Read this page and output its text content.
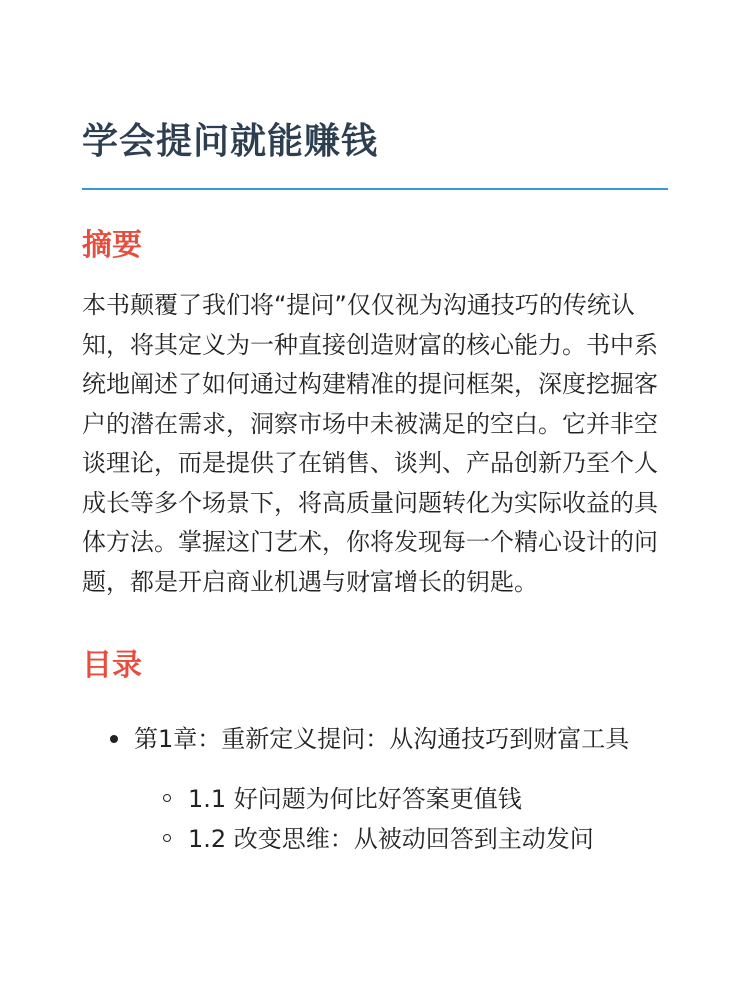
学会提问就能赚钱
摘要

本书颠覆了我们将“提问”仅仅视为沟通技巧的传统认知，将其定义为一种直接创造财富的核心能力。书中系统地阐述了如何通过构建精准的提问框架，深度挖掘客户的潜在需求，洞察市场中未被满足的空白。它并非空谈理论，而是提供了在销售、谈判、产品创新乃至个人成长等多个场景下，将高质量问题转化为实际收益的具体方法。掌握这门艺术，你将发现每一个精心设计的问题，都是开启商业机遇与财富增长的钥匙。

目录
第1章：重新定义提问：从沟通技巧到财富工具
1.1 好问题为何比好答案更值钱
1.2 改变思维：从被动回答到主动发问
